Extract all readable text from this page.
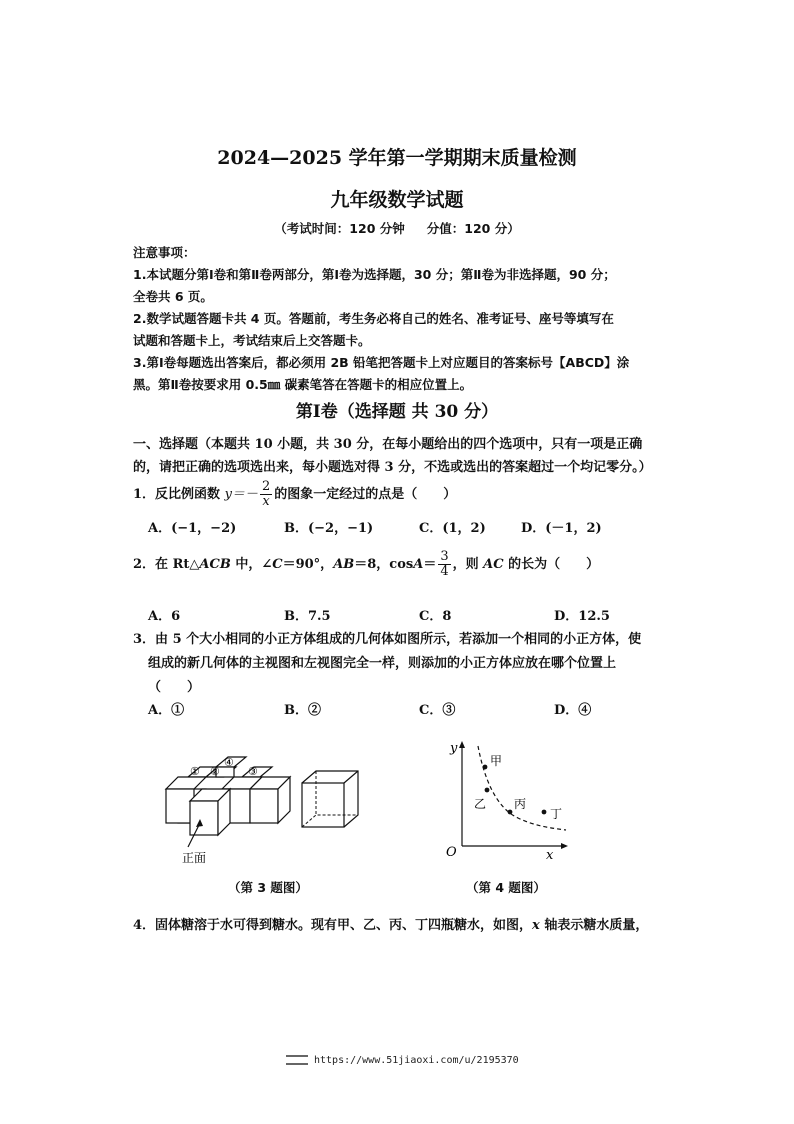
2024—2025 学年第一学期期末质量检测
九年级数学试题
（考试时间：120 分钟 分值：120 分）
注意事项：
1.本试题分第Ⅰ卷和第Ⅱ卷两部分，第Ⅰ卷为选择题，30 分；第Ⅱ卷为非选择题，90 分；
全卷共 6 页。
2.数学试题答题卡共 4 页。答题前，考生务必将自己的姓名、准考证号、座号等填写在
试题和答题卡上，考试结束后上交答题卡。
3.第Ⅰ卷每题选出答案后，都必须用 2B 铅笔把答题卡上对应题目的答案标号【ABCD】涂
黑。第Ⅱ卷按要求用 0.5㎜ 碳素笔答在答题卡的相应位置上。
第Ⅰ卷（选择题 共 30 分）
一、选择题（本题共 10 小题，共 30 分，在每小题给出的四个选项中，只有一项是正确
的，请把正确的选项选出来，每小题选对得 3 分，不选或选出的答案超过一个均记零分。）
1．反比例函数 $y=- \frac{2}{x}$ 的图象一定经过的点是（　　）
A．(−1，−2)	B．(−2，−1)	C．(1，2)	D．(－1，2)
2．在 Rt△ACB 中，∠C＝90°，AB＝8，$\cos A= \frac{3}{4}$ ，则 AC 的长为（　　）
A．6	B．7.5	C．8	D．12.5
3．由 5 个大小相同的小正方体组成的几何体如图所示，若添加一个相同的小正方体，使
组成的新几何体的主视图和左视图完全一样，则添加的小正方体应放在哪个位置上
（　　）
A．①	B．②	C．③	D．④
① ②	③
④
正面
（第 3 题图）
y
x
O
甲
乙 丙
丁
（第 4 题图）
4．固体糖溶于水可得到糖水。现有甲、乙、丙、丁四瓶糖水，如图，x 轴表示糖水质量，
https://www.51jiaoxi.com/u/2195370
